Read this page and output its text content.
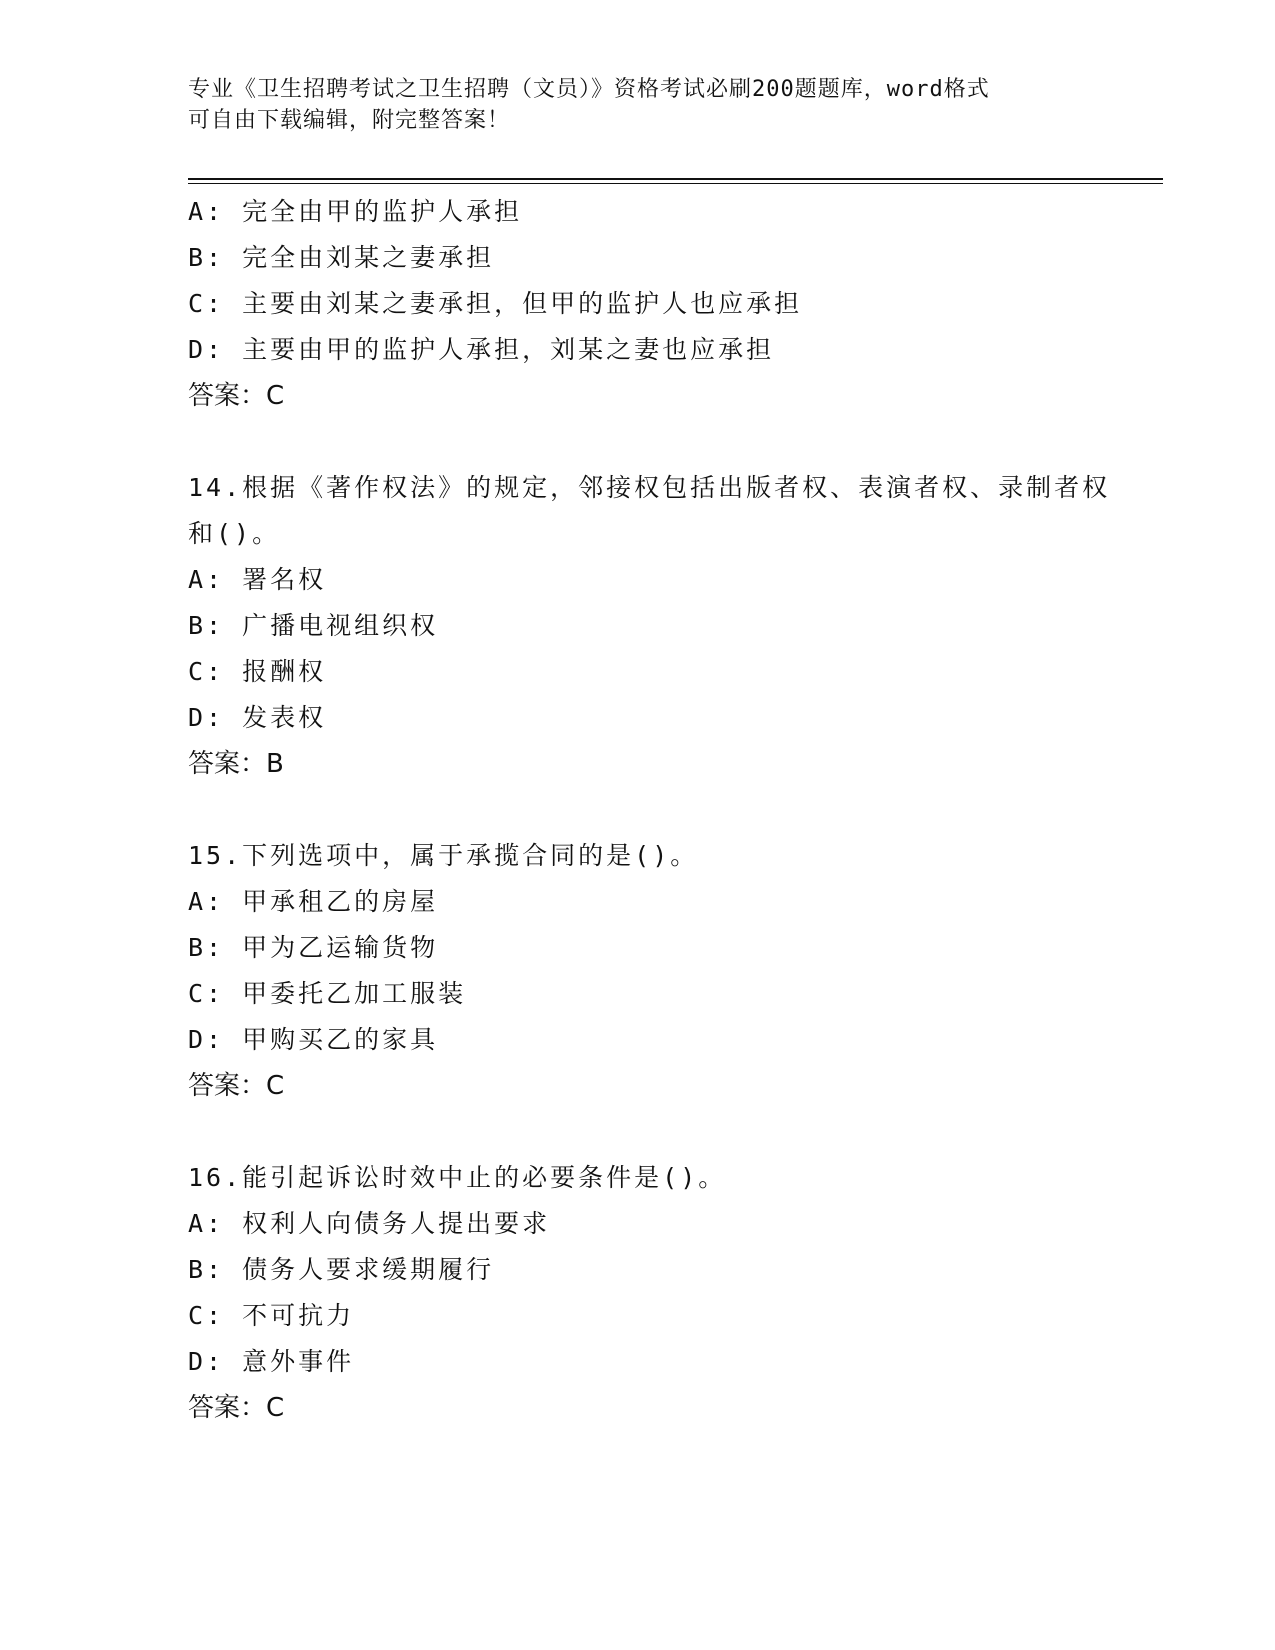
专业《卫生招聘考试之卫生招聘（文员）》资格考试必刷200题题库，word格式
可自由下载编辑，附完整答案！

A: 完全由甲的监护人承担

B: 完全由刘某之妻承担

C: 主要由刘某之妻承担，但甲的监护人也应承担

D: 主要由甲的监护人承担，刘某之妻也应承担

答案：C

14.根据《著作权法》的规定，邻接权包括出版者权、表演者权、录制者权和()。

A: 署名权

B: 广播电视组织权

C: 报酬权

D: 发表权

答案：B

15.下列选项中，属于承揽合同的是()。

A: 甲承租乙的房屋

B: 甲为乙运输货物

C: 甲委托乙加工服装

D: 甲购买乙的家具

答案：C

16.能引起诉讼时效中止的必要条件是()。

A: 权利人向债务人提出要求

B: 债务人要求缓期履行

C: 不可抗力

D: 意外事件

答案：C
